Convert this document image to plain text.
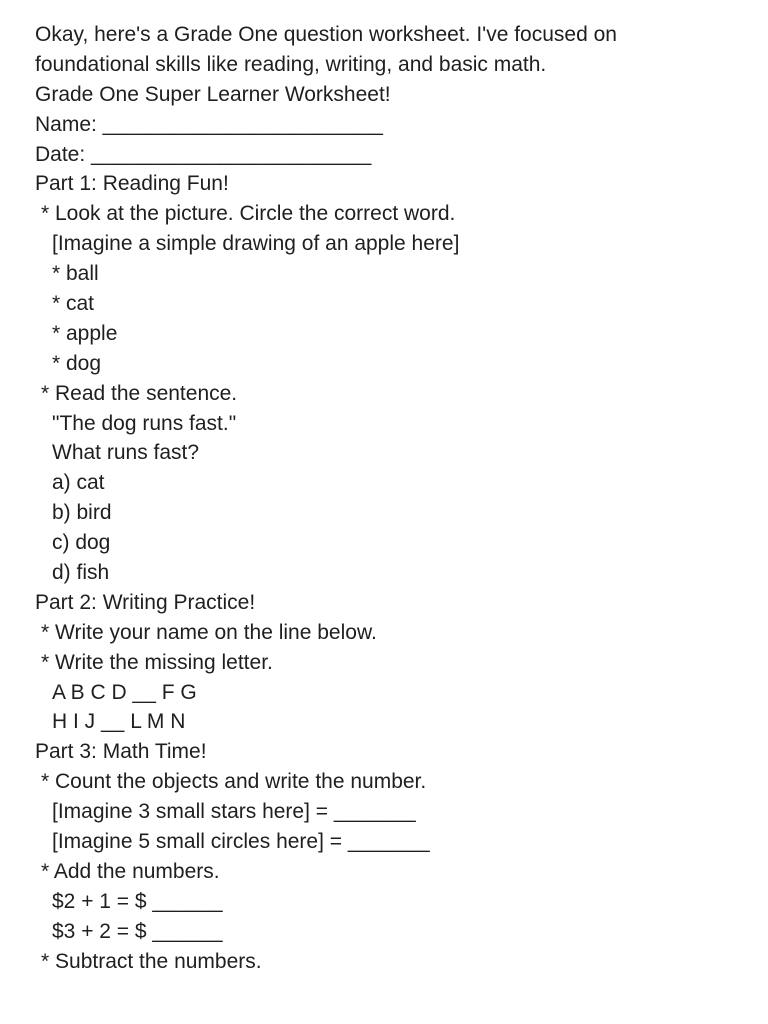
Okay, here's a Grade One question worksheet. I've focused on
foundational skills like reading, writing, and basic math.
Grade One Super Learner Worksheet!
Name: ________________________
Date: ________________________
Part 1: Reading Fun!
* Look at the picture. Circle the correct word.
[Imagine a simple drawing of an apple here]
* ball
* cat
* apple
* dog
* Read the sentence.
"The dog runs fast."
What runs fast?
a) cat
b) bird
c) dog
d) fish
Part 2: Writing Practice!
* Write your name on the line below.
* Write the missing letter.
A B C D __ F G
H I J __ L M N
Part 3: Math Time!
* Count the objects and write the number.
[Imagine 3 small stars here] = _______
[Imagine 5 small circles here] = _______
* Add the numbers.
$2 + 1 = $ ______
$3 + 2 = $ ______
* Subtract the numbers.
